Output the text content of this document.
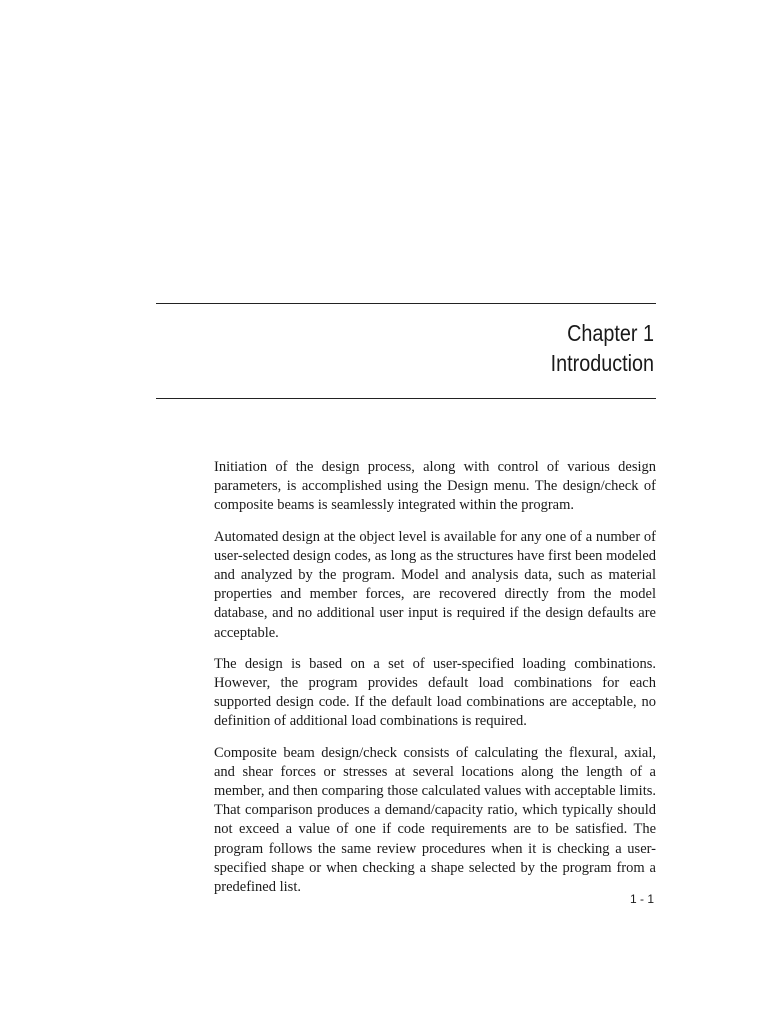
Chapter 1
Introduction

Initiation of the design process, along with control of various design parameters, is accomplished using the Design menu. The design/check of composite beams is seamlessly integrated within the program.

Automated design at the object level is available for any one of a number of user-selected design codes, as long as the structures have first been modeled and analyzed by the program. Model and analysis data, such as material properties and member forces, are recovered directly from the model database, and no additional user input is required if the design defaults are acceptable.

The design is based on a set of user-specified loading combinations. However, the program provides default load combinations for each supported design code. If the default load combinations are acceptable, no definition of additional load combinations is required.

Composite beam design/check consists of calculating the flexural, axial, and shear forces or stresses at several locations along the length of a member, and then comparing those calculated values with acceptable limits. That comparison produces a demand/capacity ratio, which typically should not exceed a value of one if code requirements are to be satisfied. The program follows the same review procedures when it is checking a user-specified shape or when checking a shape selected by the program from a predefined list.

1 - 1
